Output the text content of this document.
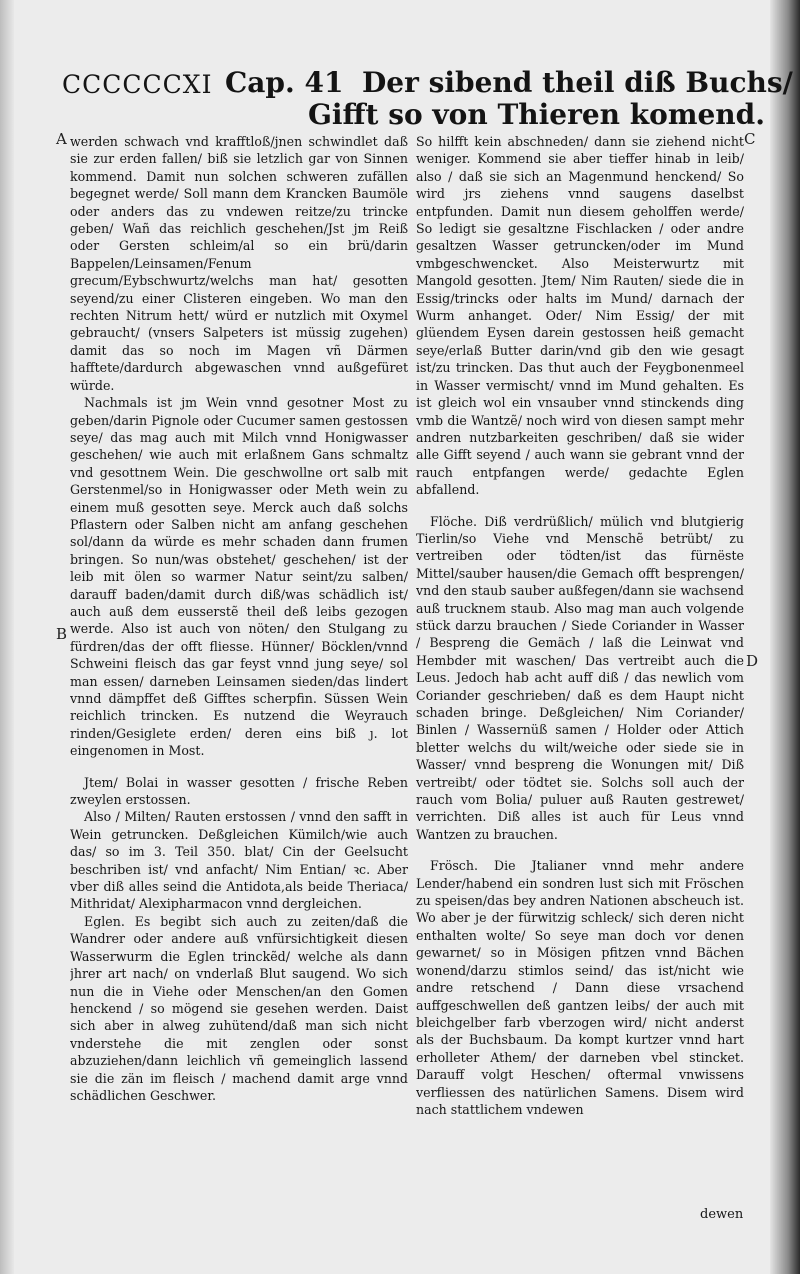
CCCCCCXI Cap. 41 Der sibend theil diß Buchs/
Gifft so von Thieren komend.
A
B
C
D

werden schwach vnd krafftloß/jnen schwindlet daß sie zur erden fallen/ biß sie letzlich gar von Sinnen kommend. Damit nun solchen schweren zufällen begegnet werde/ Soll mann dem Krancken Baumöle oder anders das zu vndewen reitze/zu trincke geben/ Wañ das reichlich geschehen/Jst jm Reiß oder Gersten schleim/al so ein brü/darin Bappelen/Leinsamen/Fenum grecum/Eybschwurtz/welchs man hat/ gesotten seyend/zu einer Clisteren eingeben. Wo man den rechten Nitrum hett/ würd er nutzlich mit Oxymel gebraucht/ (vnsers Salpeters ist müssig zugehen) damit das so noch im Magen vñ Därmen hafftete/dardurch abgewaschen vnnd außgefüret würde.

Nachmals ist jm Wein vnnd gesotner Most zu geben/darin Pignole oder Cucumer samen gestossen seye/ das mag auch mit Milch vnnd Honigwasser geschehen/ wie auch mit erlaßnem Gans schmaltz vnd gesottnem Wein. Die geschwollne ort salb mit Gerstenmel/so in Honigwasser oder Meth wein zu einem muß gesotten seye. Merck auch daß solchs Pflastern oder Salben nicht am anfang geschehen sol/dann da würde es mehr schaden dann frumen bringen. So nun/was obstehet/ geschehen/ ist der leib mit ölen so warmer Natur seint/zu salben/ darauff baden/damit durch diß/was schädlich ist/ auch auß dem eusserstẽ theil deß leibs gezogen werde. Also ist auch von nöten/ den Stulgang zu fürdren/das der offt fliesse. Hünner/ Böcklen/vnnd Schweini fleisch das gar feyst vnnd jung seye/ sol man essen/ darneben Leinsamen sieden/das lindert vnnd dämpffet deß Gifftes scherpfin. Süssen Wein reichlich trincken. Es nutzend die Weyrauch rinden/Gesiglete erden/ deren eins biß ȷ. lot eingenomen in Most.

Jtem/ Bolai in wasser gesotten / frische Reben zweylen erstossen.

Also / Milten/ Rauten erstossen / vnnd den safft in Wein getruncken. Deßgleichen Kümilch/wie auch das/ so im 3. Teil 350. blat/ Cin der Geelsucht beschriben ist/ vnd anfacht/ Nim Entian/ ꝛc. Aber vber diß alles seind die Antidota,als beide Theriaca/ Mithridat/ Alexipharmacon vnnd dergleichen.

Eglen. Es begibt sich auch zu zeiten/daß die Wandrer oder andere auß vnfürsichtigkeit diesen Wasserwurm die Eglen trinckẽd/ welche als dann jhrer art nach/ on vnderlaß Blut saugend. Wo sich nun die in Viehe oder Menschen/an den Gomen henckend / so mögend sie gesehen werden. Daist sich aber in alweg zuhütend/daß man sich nicht vnderstehe die mit zenglen oder sonst abzuziehen/dann leichlich vñ gemeinglich lassend sie die zän im fleisch / machend damit arge vnnd schädlichen Geschwer.

So hilfft kein abschneden/ dann sie ziehend nicht weniger. Kommend sie aber tieffer hinab in leib/ also / daß sie sich an Magenmund henckend/ So wird jrs ziehens vnnd saugens daselbst entpfunden. Damit nun diesem geholffen werde/ So ledigt sie gesaltzne Fischlacken / oder andre gesaltzen Wasser getruncken/oder im Mund vmbgeschwencket. Also Meisterwurtz mit Mangold gesotten. Jtem/ Nim Rauten/ siede die in Essig/trincks oder halts im Mund/ darnach der Wurm anhanget. Oder/ Nim Essig/ der mit glüendem Eysen darein gestossen heiß gemacht seye/erlaß Butter darin/vnd gib den wie gesagt ist/zu trincken. Das thut auch der Feygbonenmeel in Wasser vermischt/ vnnd im Mund gehalten. Es ist gleich wol ein vnsauber vnnd stinckends ding vmb die Wantzẽ/ noch wird von diesen sampt mehr andren nutzbarkeiten geschriben/ daß sie wider alle Gifft seyend / auch wann sie gebrant vnnd der rauch entpfangen werde/ gedachte Eglen abfallend.

Flöche. Diß verdrüßlich/ mülich vnd blutgierig Tierlin/so Viehe vnd Menschẽ betrübt/ zu vertreiben oder tödten/ist das fürnëste Mittel/sauber hausen/die Gemach offt besprengen/ vnd den staub sauber außfegen/dann sie wachsend auß trucknem staub. Also mag man auch volgende stück darzu brauchen / Siede Coriander in Wasser / Bespreng die Gemäch / laß die Leinwat vnd Hembder mit waschen/ Das vertreibt auch die Leus. Jedoch hab acht auff diß / das newlich vom Coriander geschrieben/ daß es dem Haupt nicht schaden bringe. Deßgleichen/ Nim Coriander/ Binlen / Wassernüß samen / Holder oder Attich bletter welchs du wilt/weiche oder siede sie in Wasser/ vnnd bespreng die Wonungen mit/ Diß vertreibt/ oder tödtet sie. Solchs soll auch der rauch vom Bolia/ puluer auß Rauten gestrewet/ verrichten. Diß alles ist auch für Leus vnnd Wantzen zu brauchen.

Frösch. Die Jtalianer vnnd mehr andere Lender/habend ein sondren lust sich mit Fröschen zu speisen/das bey andren Nationen abscheuch ist. Wo aber je der fürwitzig schleck/ sich deren nicht enthalten wolte/ So seye man doch vor denen gewarnet/ so in Mösigen pfitzen vnnd Bächen wonend/darzu stimlos seind/ das ist/nicht wie andre retschend / Dann diese vrsachend auffgeschwellen deß gantzen leibs/ der auch mit bleichgelber farb vberzogen wird/ nicht anderst als der Buchsbaum. Da kompt kurtzer vnnd hart erholleter Athem/ der darneben vbel stincket. Darauff volgt Heschen/ oftermal vnwissens verfliessen des natürlichen Samens. Disem wird nach stattlichem vndewen

dewen
